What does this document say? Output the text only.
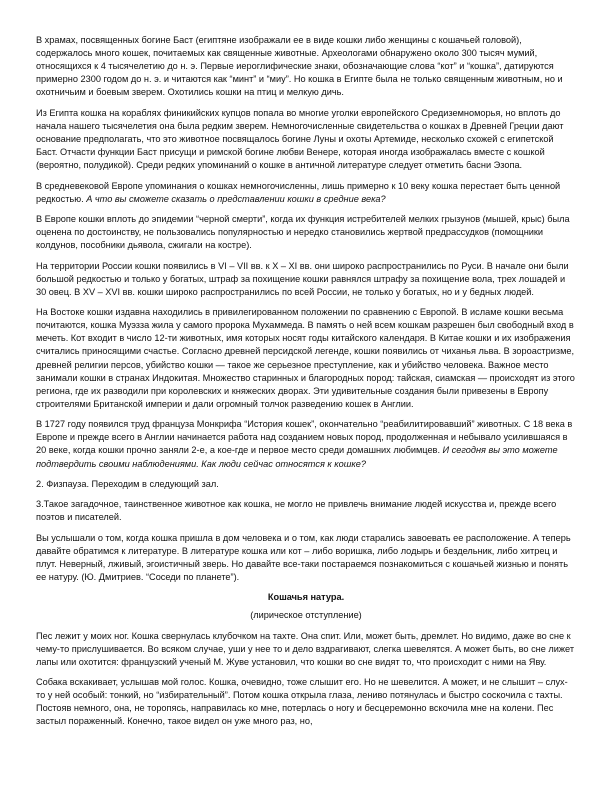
В храмах, посвященных богине Баст (египтяне изображали ее в виде кошки либо женщины с кошачьей головой), содержалось много кошек, почитаемых как священные животные. Археологами обнаружено около 300 тысяч мумий, относящихся к 4 тысячелетию до н. э. Первые иероглифические знаки, обозначающие слова “кот” и “кошка”, датируются примерно 2300 годом до н. э. и читаются как “минт” и “миу”. Но кошка в Египте была не только священным животным, но и охотничьим и боевым зверем. Охотились кошки на птиц и мелкую дичь.

Из Египта кошка на кораблях финикийских купцов попала во многие уголки европейского Средиземноморья, но вплоть до начала нашего тысячелетия она была редким зверем. Немногочисленные свидетельства о кошках в Древней Греции дают основание предполагать, что это животное посвящалось богине Луны и охоты Артемиде, несколько схожей с египетской Баст. Отчасти функции Баст присущи и римской богине любви Венере, которая иногда изображалась вместе с кошкой (вероятно, полудикой). Среди редких упоминаний о кошке в античной литературе следует отметить басни Эзопа.

В средневековой Европе упоминания о кошках немногочисленны, лишь примерно к 10 веку кошка перестает быть ценной редкостью. А что вы сможете сказать о представлении кошки в средние века?

В Европе кошки вплоть до эпидемии “черной смерти”, когда их функция истребителей мелких грызунов (мышей, крыс) была оценена по достоинству, не пользовались популярностью и нередко становились жертвой предрассудков (помощники колдунов, пособники дьявола, сжигали на костре).

На территории России кошки появились в VI – VII вв. к X – XI вв. они широко распространились по Руси. В начале они были большой редкостью и только у богатых, штраф за похищение кошки равнялся штрафу за похищение вола, трех лошадей и 30 овец. В XV – XVI вв. кошки широко распространились по всей России, не только у богатых, но и у бедных людей.

На Востоке кошки издавна находились в привилегированном положении по сравнению с Европой. В исламе кошки весьма почитаются, кошка Муэзза жила у самого пророка Мухаммеда. В память о ней всем кошкам разрешен был свободный вход в мечеть. Кот входит в число 12-ти животных, имя которых носят годы китайского календаря. В Китае кошки и их изображения считались приносящими счастье. Согласно древней персидской легенде, кошки появились от чиханья льва. В зороастризме, древней религии персов, убийство кошки — такое же серьезное преступление, как и убийство человека. Важное место занимали кошки в странах Индокитая. Множество старинных и благородных пород: тайская, сиамская — происходят из этого региона, где их разводили при королевских и княжеских дворах. Эти удивительные создания были привезены в Европу строителями Британской империи и дали огромный толчок разведению кошек в Англии.

В 1727 году появился труд француза Монкрифа “История кошек”, окончательно “реабилитировавший” животных. С 18 века в Европе и прежде всего в Англии начинается работа над созданием новых пород, продолженная и небывало усилившаяся в 20 веке, когда кошки прочно заняли 2-е, а кое-где и первое место среди домашних любимцев. И сегодня вы это можете подтвердить своими наблюдениями. Как люди сейчас относятся к кошке?

2. Физпауза. Переходим в следующий зал.

3.Такое загадочное, таинственное животное как кошка, не могло не привлечь внимание людей искусства и, прежде всего поэтов и писателей.

Вы услышали о том, когда кошка пришла в дом человека и о том, как люди старались завоевать ее расположение. А теперь давайте обратимся к литературе. В литературе кошка или кот – либо воришка, либо лодырь и бездельник, либо хитрец и плут. Неверный, лживый, эгоистичный зверь. Но давайте все-таки постараемся познакомиться с кошачьей жизнью и понять ее натуру. (Ю. Дмитриев. “Соседи по планете”).

Кошачья натура.
(лирическое отступление)

Пес лежит у моих ног. Кошка свернулась клубочком на тахте. Она спит. Или, может быть, дремлет. Но видимо, даже во сне к чему-то прислушивается. Во всяком случае, уши у нее то и дело вздрагивают, слегка шевелятся. А может быть, во сне лижет лапы или охотится: французский ученый М. Жуве установил, что кошки во сне видят то, что происходит с ними на Яву.

Собака вскакивает, услышав мой голос. Кошка, очевидно, тоже слышит его. Но не шевелится. А может, и не слышит – слух-то у ней особый: тонкий, но “избирательный”. Потом кошка открыла глаза, лениво потянулась и быстро соскочила с тахты. Постояв немного, она, не торопясь, направилась ко мне, потерлась о ногу и бесцеремонно вскочила мне на колени. Пес застыл пораженный. Конечно, такое видел он уже много раз, но,
